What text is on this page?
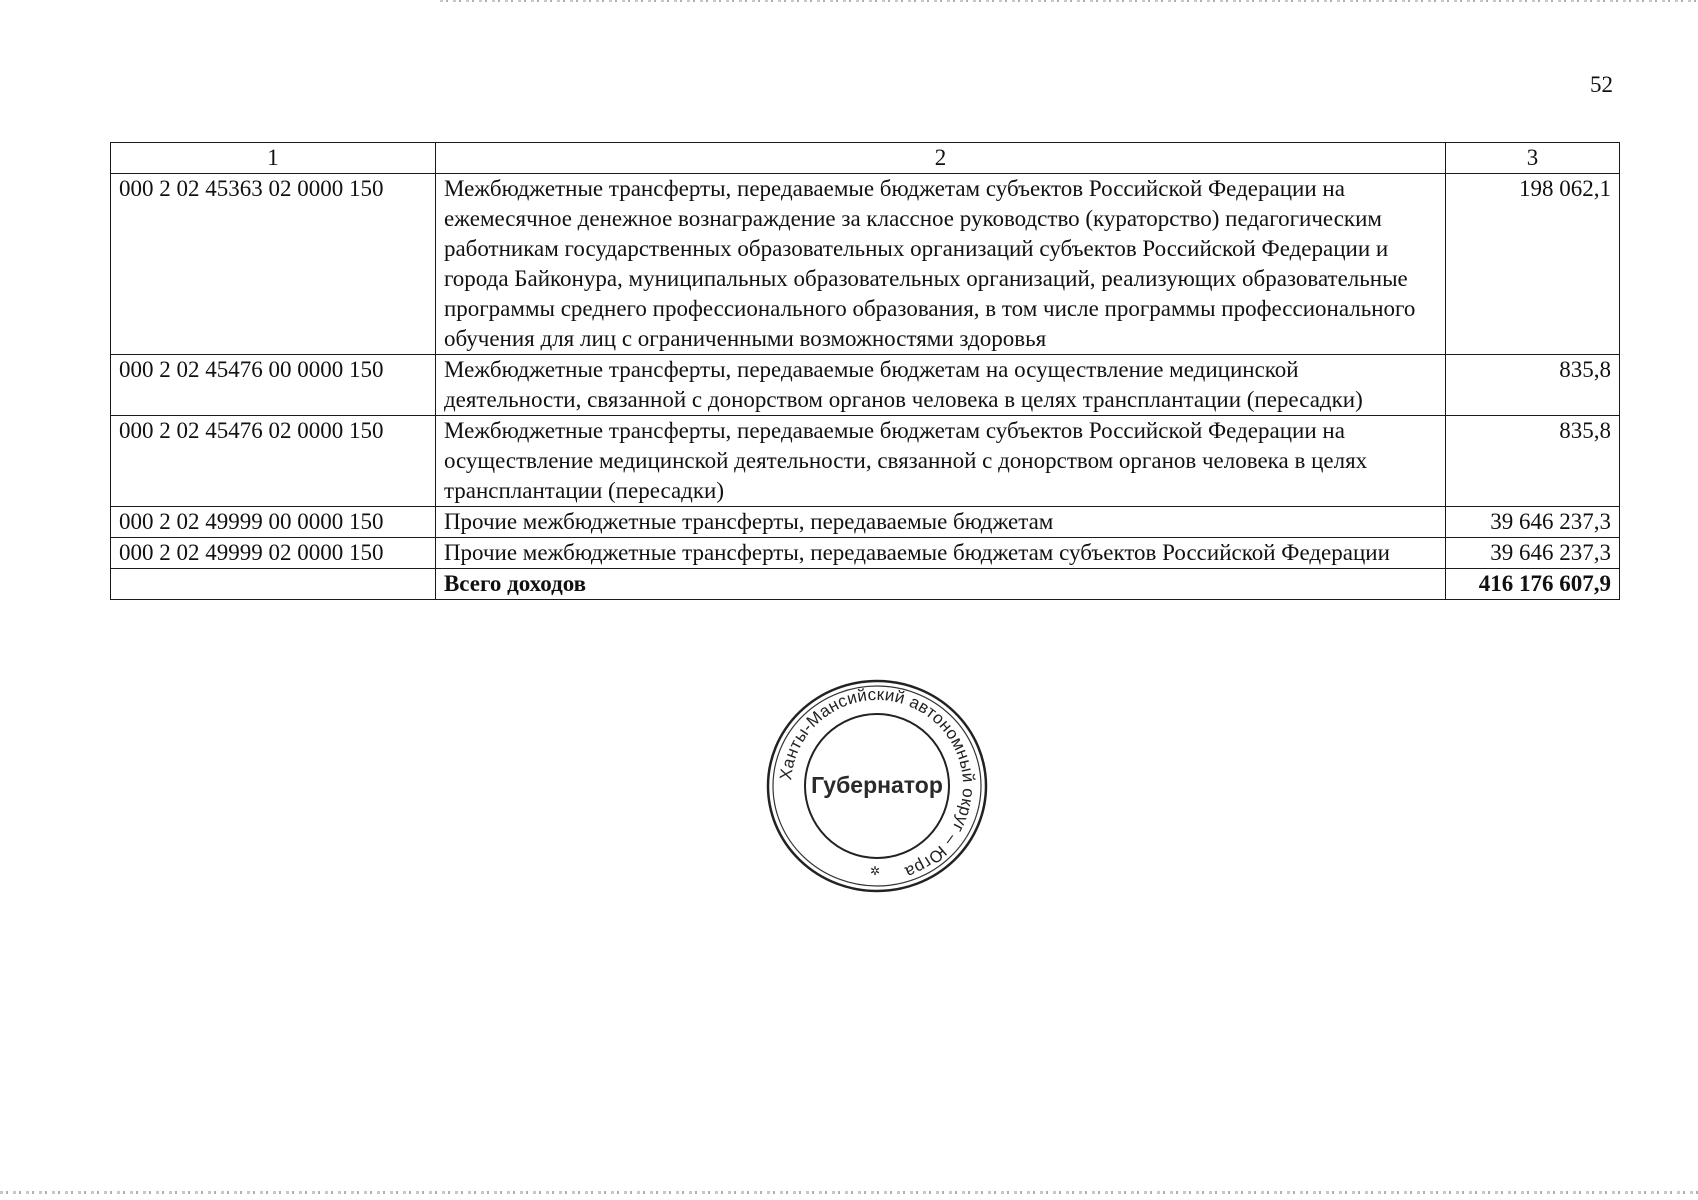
52
1	2	3
000 2 02 45363 02 0000 150	Межбюджетные трансферты, передаваемые бюджетам субъектов Российской Федерации на ежемесячное денежное вознаграждение за классное руководство (кураторство) педагогическим работникам государственных образовательных организаций субъектов Российской Федерации и города Байконура, муниципальных образовательных организаций, реализующих образовательные программы среднего профессионального образования, в том числе программы профессионального обучения для лиц с ограниченными возможностями здоровья	198 062,1
000 2 02 45476 00 0000 150	Межбюджетные трансферты, передаваемые бюджетам на осуществление медицинской деятельности, связанной с донорством органов человека в целях трансплантации (пересадки)	835,8
000 2 02 45476 02 0000 150	Межбюджетные трансферты, передаваемые бюджетам субъектов Российской Федерации на осуществление медицинской деятельности, связанной с донорством органов человека в целях трансплантации (пересадки)	835,8
000 2 02 49999 00 0000 150	Прочие межбюджетные трансферты, передаваемые бюджетам	39 646 237,3
000 2 02 49999 02 0000 150	Прочие межбюджетные трансферты, передаваемые бюджетам субъектов Российской Федерации	39 646 237,3
	Всего доходов	416 176 607,9
Ханты-Мансийский автономный округ – Югра
Губернатор
✲
